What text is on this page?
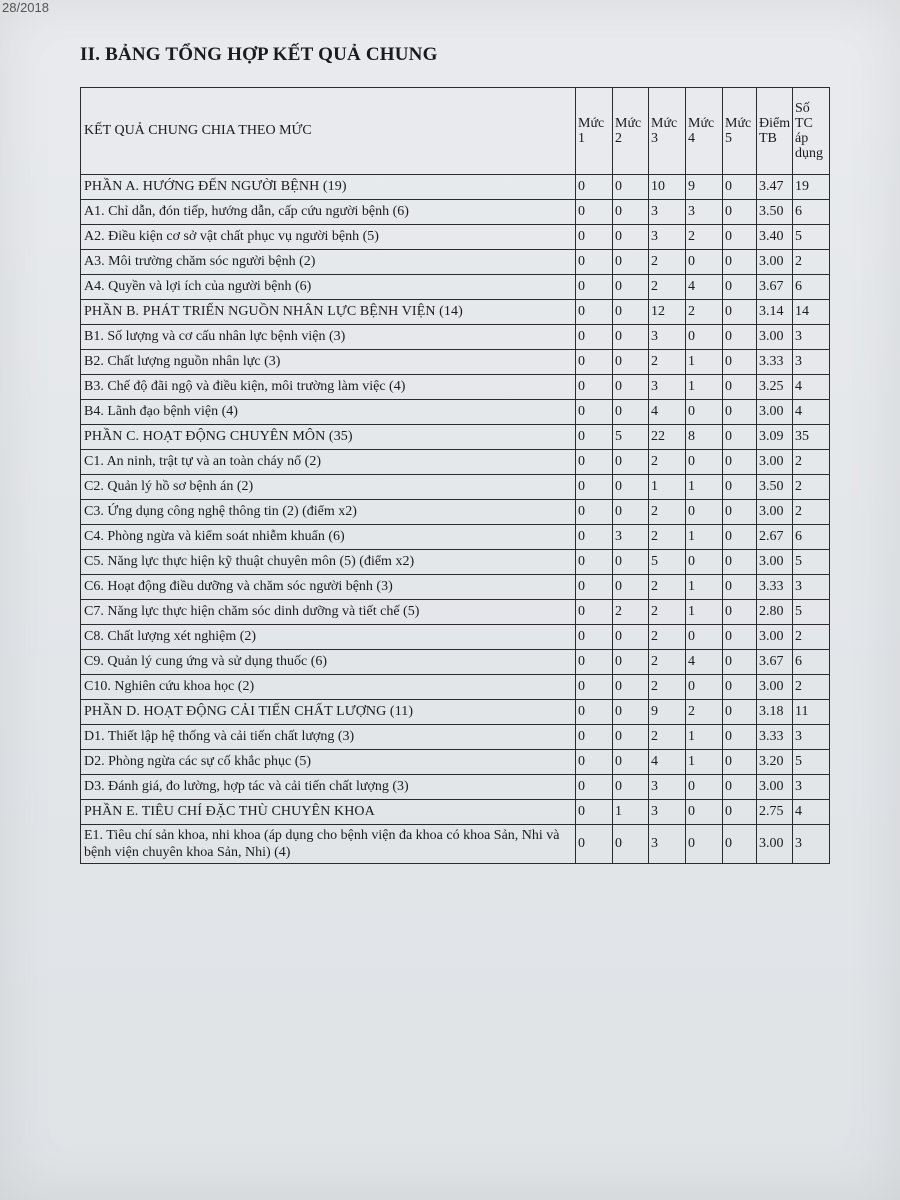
28/2018
II. BẢNG TỔNG HỢP KẾT QUẢ CHUNG
KẾT QUẢ CHUNG CHIA THEO MỨC	Mức 1	Mức 2	Mức 3	Mức 4	Mức 5	Điểm TB	Số TC áp dụng
PHẦN A. HƯỚNG ĐẾN NGƯỜI BỆNH (19)	0	0	10	9	0	3.47	19
A1. Chỉ dẫn, đón tiếp, hướng dẫn, cấp cứu người bệnh (6)	0	0	3	3	0	3.50	6
A2. Điều kiện cơ sở vật chất phục vụ người bệnh (5)	0	0	3	2	0	3.40	5
A3. Môi trường chăm sóc người bệnh (2)	0	0	2	0	0	3.00	2
A4. Quyền và lợi ích của người bệnh (6)	0	0	2	4	0	3.67	6
PHẦN B. PHÁT TRIỂN NGUỒN NHÂN LỰC BỆNH VIỆN (14)	0	0	12	2	0	3.14	14
B1. Số lượng và cơ cấu nhân lực bệnh viện (3)	0	0	3	0	0	3.00	3
B2. Chất lượng nguồn nhân lực (3)	0	0	2	1	0	3.33	3
B3. Chế độ đãi ngộ và điều kiện, môi trường làm việc (4)	0	0	3	1	0	3.25	4
B4. Lãnh đạo bệnh viện (4)	0	0	4	0	0	3.00	4
PHẦN C. HOẠT ĐỘNG CHUYÊN MÔN (35)	0	5	22	8	0	3.09	35
C1. An ninh, trật tự và an toàn cháy nổ (2)	0	0	2	0	0	3.00	2
C2. Quản lý hồ sơ bệnh án (2)	0	0	1	1	0	3.50	2
C3. Ứng dụng công nghệ thông tin (2) (điểm x2)	0	0	2	0	0	3.00	2
C4. Phòng ngừa và kiểm soát nhiễm khuẩn (6)	0	3	2	1	0	2.67	6
C5. Năng lực thực hiện kỹ thuật chuyên môn (5) (điểm x2)	0	0	5	0	0	3.00	5
C6. Hoạt động điều dưỡng và chăm sóc người bệnh (3)	0	0	2	1	0	3.33	3
C7. Năng lực thực hiện chăm sóc dinh dưỡng và tiết chế (5)	0	2	2	1	0	2.80	5
C8. Chất lượng xét nghiệm (2)	0	0	2	0	0	3.00	2
C9. Quản lý cung ứng và sử dụng thuốc (6)	0	0	2	4	0	3.67	6
C10. Nghiên cứu khoa học (2)	0	0	2	0	0	3.00	2
PHẦN D. HOẠT ĐỘNG CẢI TIẾN CHẤT LƯỢNG (11)	0	0	9	2	0	3.18	11
D1. Thiết lập hệ thống và cải tiến chất lượng (3)	0	0	2	1	0	3.33	3
D2. Phòng ngừa các sự cố khắc phục (5)	0	0	4	1	0	3.20	5
D3. Đánh giá, đo lường, hợp tác và cải tiến chất lượng (3)	0	0	3	0	0	3.00	3
PHẦN E. TIÊU CHÍ ĐẶC THÙ CHUYÊN KHOA	0	1	3	0	0	2.75	4
E1. Tiêu chí sản khoa, nhi khoa (áp dụng cho bệnh viện đa khoa có khoa Sản, Nhi và bệnh viện chuyên khoa Sản, Nhi) (4)	0	0	3	0	0	3.00	3
